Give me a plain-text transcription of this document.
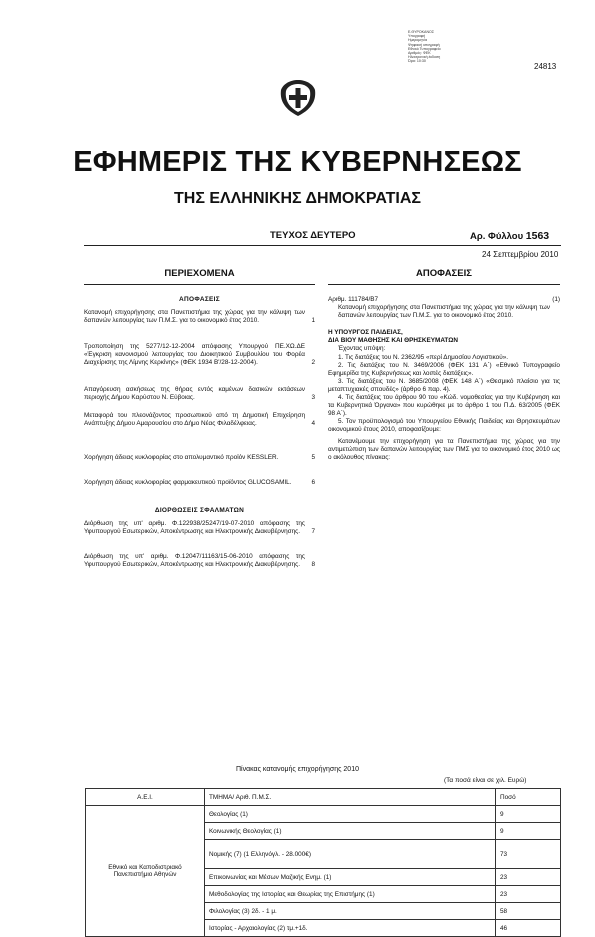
Ε.ΘΥΡΟΚΑΝΟΣ
Υπογραφή
Ημερομηνία
Ψηφιακή υπογραφή
Εθνικό Τυπογραφείο
Αριθμός: ΦΕΚ
Ηλεκτρονική έκδοση
Ώρα: 10:30
24813
ΕΦΗΜΕΡΙΣ ΤΗΣ ΚΥΒΕΡΝΗΣΕΩΣ
ΤΗΣ ΕΛΛΗΝΙΚΗΣ ΔΗΜΟΚΡΑΤΙΑΣ
ΤΕΥΧΟΣ ΔΕΥΤΕΡΟ	Αρ. Φύλλου 1563
24 Σεπτεμβρίου 2010
ΠΕΡΙΕΧΟΜΕΝΑ
ΑΠΟΦΑΣΕΙΣ
Κατανομή επιχορήγησης στα Πανεπιστήμια της χώρας για την κάλυψη των δαπανών λειτουργίας των Π.Μ.Σ. για το οικονομικό έτος 2010.	1
Τροποποίηση της 5277/12-12-2004 απόφασης Υπουργού ΠΕ.ΧΩ.ΔΕ «Έγκριση κανονισμού λειτουργίας του Διοικητικού Συμβουλίου του Φορέα Διαχείρισης της Λίμνης Κερκίνης» (ΦΕΚ 1934 Β'/28-12-2004).	2
Απαγόρευση ασκήσεως της θήρας εντός καμένων δασικών εκτάσεων περιοχής Δήμου Καρύστου Ν. Εύβοιας.	3
Μεταφορά του πλεονάζοντος προσωπικού από τη Δημοτική Επιχείρηση Ανάπτυξης Δήμου Αμαρουσίου στο Δήμο Νέας Φιλαδέλφειας.	4
Χορήγηση άδειας κυκλοφορίας στο απολυμαντικό προϊόν KESSLER.	5
Χορήγηση άδειας κυκλοφορίας φαρμακευτικού προϊόντος GLUCOSAMIL.	6
ΔΙΟΡΘΩΣΕΙΣ ΣΦΑΛΜΑΤΩΝ
Διόρθωση της υπ' αριθμ. Φ.122938/25247/19-07-2010 απόφασης της Υφυπουργού Εσωτερικών, Αποκέντρωσης και Ηλεκτρονικής Διακυβέρνησης.	7
Διόρθωση της υπ' αριθμ. Φ.12047/11163/15-06-2010 απόφασης της Υφυπουργού Εσωτερικών, Αποκέντρωσης και Ηλεκτρονικής Διακυβέρνησης.	8
ΑΠΟΦΑΣΕΙΣ

Αριθμ. 111784/Β7	(1)

Κατανομή επιχορήγησης στα Πανεπιστήμια της χώρας για την κάλυψη των δαπανών λειτουργίας των Π.Μ.Σ. για το οικονομικό έτος 2010.

Η ΥΠΟΥΡΓΟΣ ΠΑΙΔΕΙΑΣ,

ΔΙΑ ΒΙΟΥ ΜΑΘΗΣΗΣ ΚΑΙ ΘΡΗΣΚΕΥΜΑΤΩΝ

Έχοντας υπόψη:

1. Τις διατάξεις του Ν. 2362/95 «περί Δημοσίου Λογιστικού».

2. Τις διατάξεις του Ν. 3469/2006 (ΦΕΚ 131 Α΄) «Εθνικό Τυπογραφείο Εφημερίδα της Κυβερνήσεως και λοιπές διατάξεις».

3. Τις διατάξεις του Ν. 3685/2008 (ΦΕΚ 148 Α΄) «Θεσμικό πλαίσιο για τις μεταπτυχιακές σπουδές» (άρθρο 6 παρ. 4).

4. Τις διατάξεις του άρθρου 90 του «Κώδ. νομοθεσίας για την Κυβέρνηση και τα Κυβερνητικά Όργανα» που κυρώθηκε με το άρθρο 1 του Π.Δ. 63/2005 (ΦΕΚ 98 Α΄).

5. Τον προϋπολογισμό του Υπουργείου Εθνικής Παιδείας και Θρησκευμάτων οικονομικού έτους 2010, αποφασίζουμε:

Κατανέμουμε την επιχορήγηση για τα Πανεπιστήμια της χώρας για την αντιμετώπιση των δαπανών λειτουργίας των ΠΜΣ για το οικονομικό έτος 2010 ως ο ακόλουθος πίνακας:

Πίνακας κατανομής επιχορήγησης 2010
(Τα ποσά είναι σε χιλ. Ευρώ)
Α.Ε.Ι.	ΤΜΗΜΑ/ Αριθ. Π.Μ.Σ.	Ποσό
Εθνικό και Καποδιστριακό Πανεπιστήμιο Αθηνών	Θεολογίας (1)	9
	Κοινωνικής Θεολογίας (1)	9
	Νομικής (7) (1 Ελληνόγλ. - 28.000€)	73
	Επικοινωνίας και Μέσων Μαζικής Ενημ. (1)	23
	Μεθοδολογίας της Ιστορίας και Θεωρίας της Επιστήμης (1)	23
	Φιλολογίας (3) 2δ. - 1 μ.	58
	Ιστορίας - Αρχαιολογίας (2) τμ.+1δ.	46
